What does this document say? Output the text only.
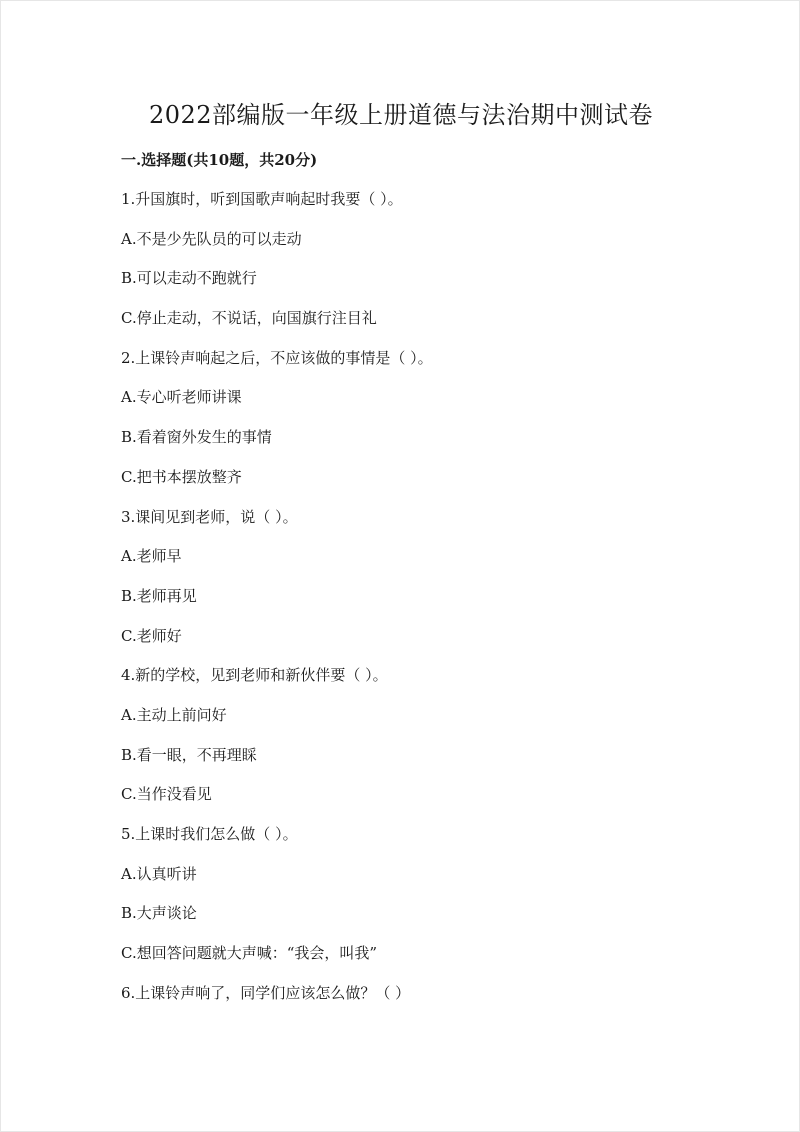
2022部编版一年级上册道德与法治期中测试卷
一.选择题(共10题，共20分)
1.升国旗时，听到国歌声响起时我要（ ）。
A.不是少先队员的可以走动
B.可以走动不跑就行
C.停止走动，不说话，向国旗行注目礼
2.上课铃声响起之后，不应该做的事情是（ ）。
A.专心听老师讲课
B.看着窗外发生的事情
C.把书本摆放整齐
3.课间见到老师，说（ ）。
A.老师早
B.老师再见
C.老师好
4.新的学校，见到老师和新伙伴要（ ）。
A.主动上前问好
B.看一眼，不再理睬
C.当作没看见
5.上课时我们怎么做（ ）。
A.认真听讲
B.大声谈论
C.想回答问题就大声喊：“我会，叫我”
6.上课铃声响了，同学们应该怎么做？（ ）
